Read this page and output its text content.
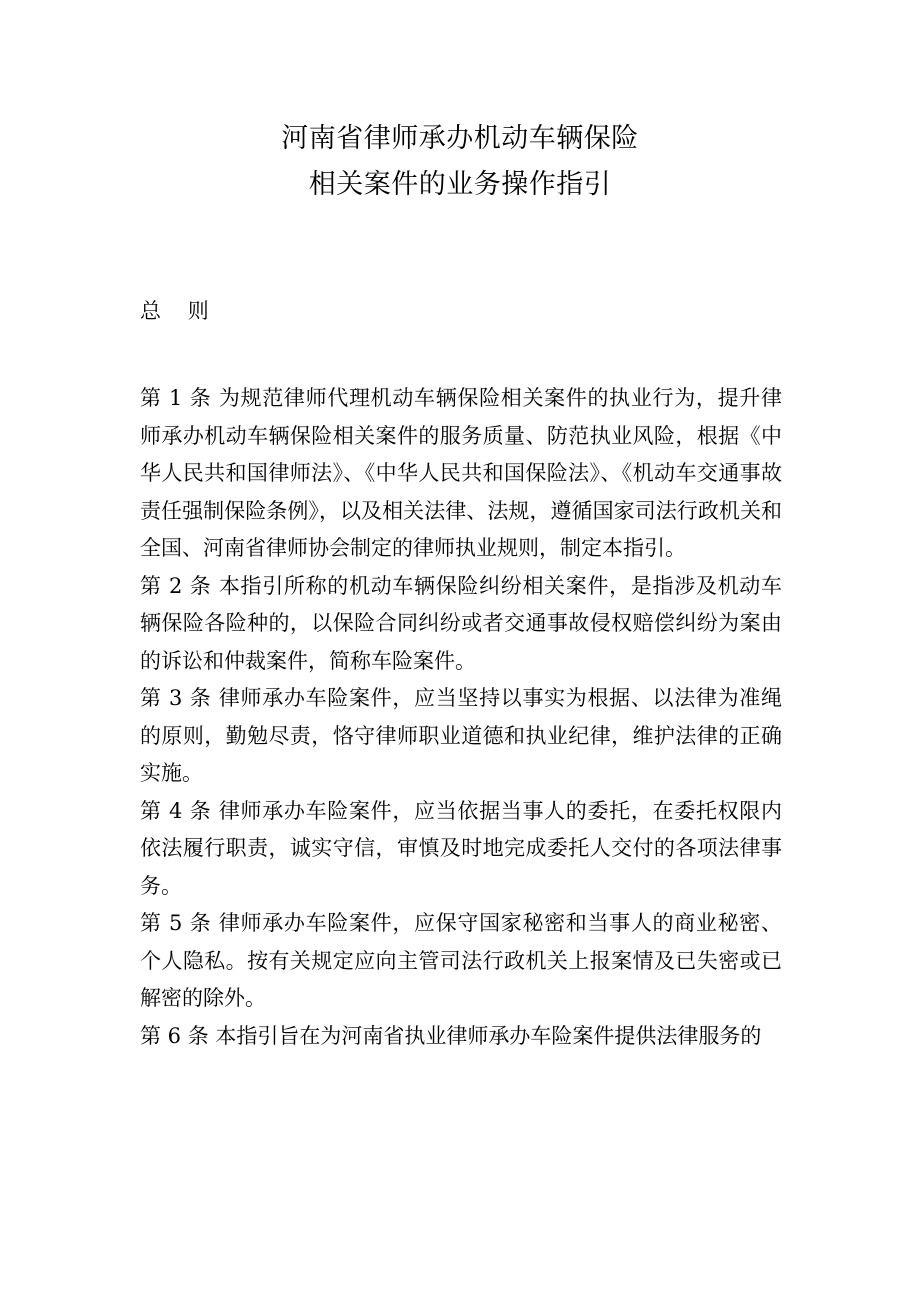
河南省律师承办机动车辆保险
相关案件的业务操作指引
总    则

第 1 条 为规范律师代理机动车辆保险相关案件的执业行为，提升律师承办机动车辆保险相关案件的服务质量、防范执业风险，根据《中华人民共和国律师法》、《中华人民共和国保险法》、《机动车交通事故责任强制保险条例》，以及相关法律、法规，遵循国家司法行政机关和全国、河南省律师协会制定的律师执业规则，制定本指引。

第 2 条 本指引所称的机动车辆保险纠纷相关案件，是指涉及机动车辆保险各险种的，以保险合同纠纷或者交通事故侵权赔偿纠纷为案由的诉讼和仲裁案件，简称车险案件。

第 3 条 律师承办车险案件，应当坚持以事实为根据、以法律为准绳的原则，勤勉尽责，恪守律师职业道德和执业纪律，维护法律的正确实施。

第 4 条 律师承办车险案件，应当依据当事人的委托，在委托权限内依法履行职责，诚实守信，审慎及时地完成委托人交付的各项法律事务。

第 5 条 律师承办车险案件，应保守国家秘密和当事人的商业秘密、个人隐私。按有关规定应向主管司法行政机关上报案情及已失密或已解密的除外。

第 6 条 本指引旨在为河南省执业律师承办车险案件提供法律服务的
